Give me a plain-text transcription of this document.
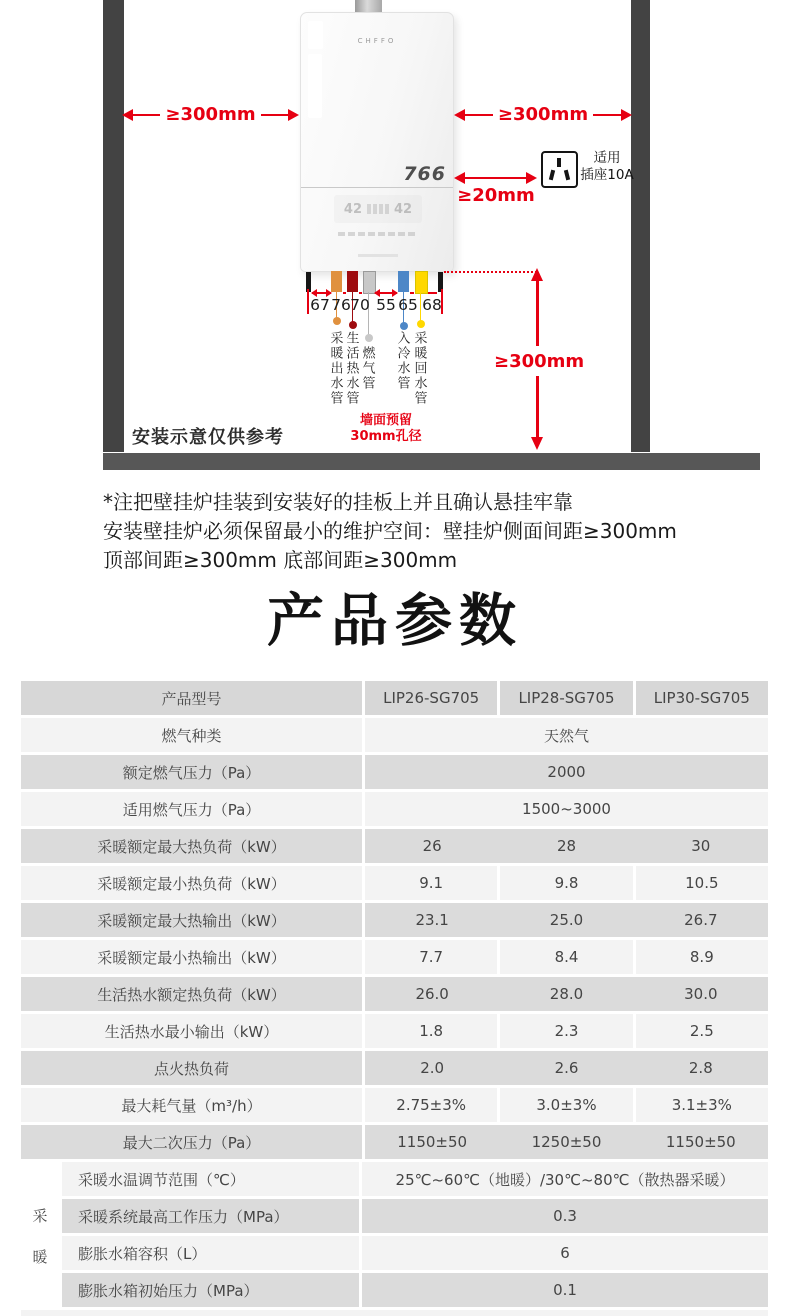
CHFFO
766
42 42
≥300mm	≥300mm
≥20mm
适用
插座10A
≥300mm
采暖出水管 生活热水管 燃气管 入冷水管 采暖回水管
67 76 70 55 65 68
墙面预留
30mm孔径
安装示意仅供参考
*注把壁挂炉挂装到安装好的挂板上并且确认悬挂牢靠
安装壁挂炉必须保留最小的维护空间：壁挂炉侧面间距≥300mm
顶部间距≥300mm 底部间距≥300mm
产品参数
产品型号	LIP26-SG705	LIP28-SG705	LIP30-SG705
燃气种类	天然气
额定燃气压力（Pa）	2000
适用燃气压力（Pa）	1500~3000
采暖额定最大热负荷（kW）	26	28	30
采暖额定最小热负荷（kW）	9.1	9.8	10.5
采暖额定最大热输出（kW）	23.1	25.0	26.7
采暖额定最小热输出（kW）	7.7	8.4	8.9
生活热水额定热负荷（kW）	26.0	28.0	30.0
生活热水最小输出（kW）	1.8	2.3	2.5
点火热负荷	2.0	2.6	2.8
最大耗气量（m³/h）	2.75±3%	3.0±3%	3.1±3%
最大二次压力（Pa）	1150±50	1250±50	1150±50
采
暖
采暖水温调节范围（℃）	25℃~60℃（地暖）/30℃~80℃（散热器采暖）
采暖系统最高工作压力（MPa）	0.3
膨胀水箱容积（L）	6
膨胀水箱初始压力（MPa）	0.1
